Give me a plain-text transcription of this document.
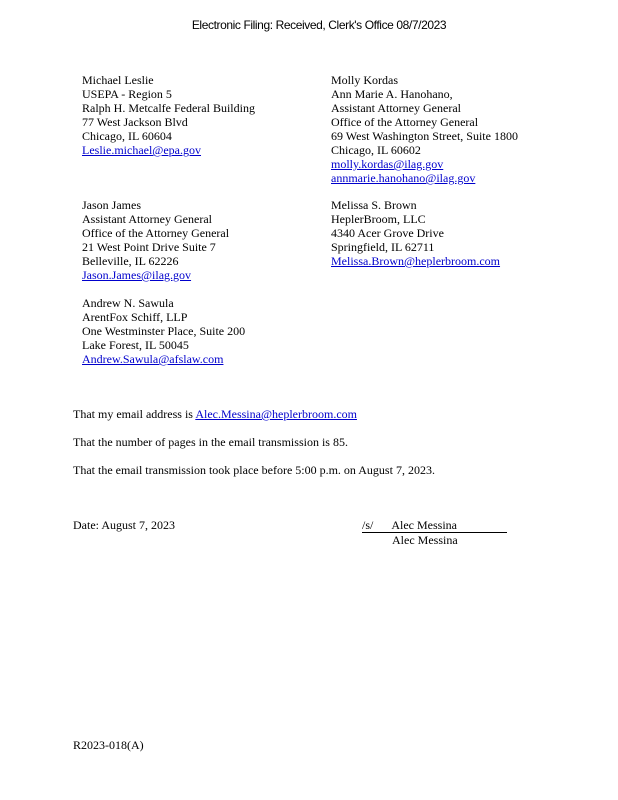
Electronic Filing: Received, Clerk's Office 08/7/2023
Michael Leslie
USEPA - Region 5
Ralph H. Metcalfe Federal Building
77 West Jackson Blvd
Chicago, IL 60604
Leslie.michael@epa.gov
Molly Kordas
Ann Marie A. Hanohano,
Assistant Attorney General
Office of the Attorney General
69 West Washington Street, Suite 1800
Chicago, IL 60602
molly.kordas@ilag.gov
annmarie.hanohano@ilag.gov
Jason James
Assistant Attorney General
Office of the Attorney General
21 West Point Drive Suite 7
Belleville, IL 62226
Jason.James@ilag.gov
Melissa S. Brown
HeplerBroom, LLC
4340 Acer Grove Drive
Springfield, IL 62711
Melissa.Brown@heplerbroom.com
Andrew N. Sawula
ArentFox Schiff, LLP
One Westminster Place, Suite 200
Lake Forest, IL 50045
Andrew.Sawula@afslaw.com
That my email address is Alec.Messina@heplerbroom.com
That the number of pages in the email transmission is 85.
That the email transmission took place before 5:00 p.m. on August 7, 2023.
Date: August 7, 2023	/s/ Alec Messina
Alec Messina
R2023-018(A)
